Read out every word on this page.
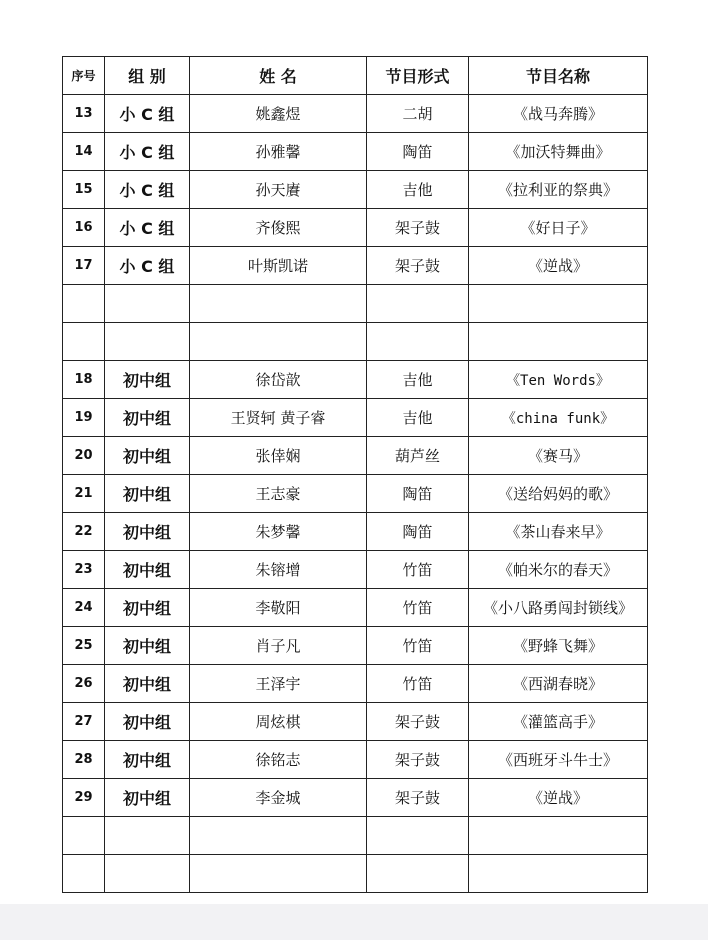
序号	组 别	姓 名	节目形式	节目名称
13	小 C 组	姚鑫煜	二胡	《战马奔腾》
14	小 C 组	孙雅馨	陶笛	《加沃特舞曲》
15	小 C 组	孙天賡	吉他	《拉利亚的祭典》
16	小 C 组	齐俊熙	架子鼓	《好日子》
17	小 C 组	叶斯凯诺	架子鼓	《逆战》

18	初中组	徐岱歆	吉他	《Ten Words》
19	初中组	王贤轲 黄子睿	吉他	《china funk》
20	初中组	张倖娴	葫芦丝	《赛马》
21	初中组	王志豪	陶笛	《送给妈妈的歌》
22	初中组	朱梦馨	陶笛	《茶山春来早》
23	初中组	朱镕增	竹笛	《帕米尔的春天》
24	初中组	李敬阳	竹笛	《小八路勇闯封锁线》
25	初中组	肖子凡	竹笛	《野蜂飞舞》
26	初中组	王泽宇	竹笛	《西湖春晓》
27	初中组	周炫棋	架子鼓	《灌篮高手》
28	初中组	徐铭志	架子鼓	《西班牙斗牛士》
29	初中组	李金城	架子鼓	《逆战》
